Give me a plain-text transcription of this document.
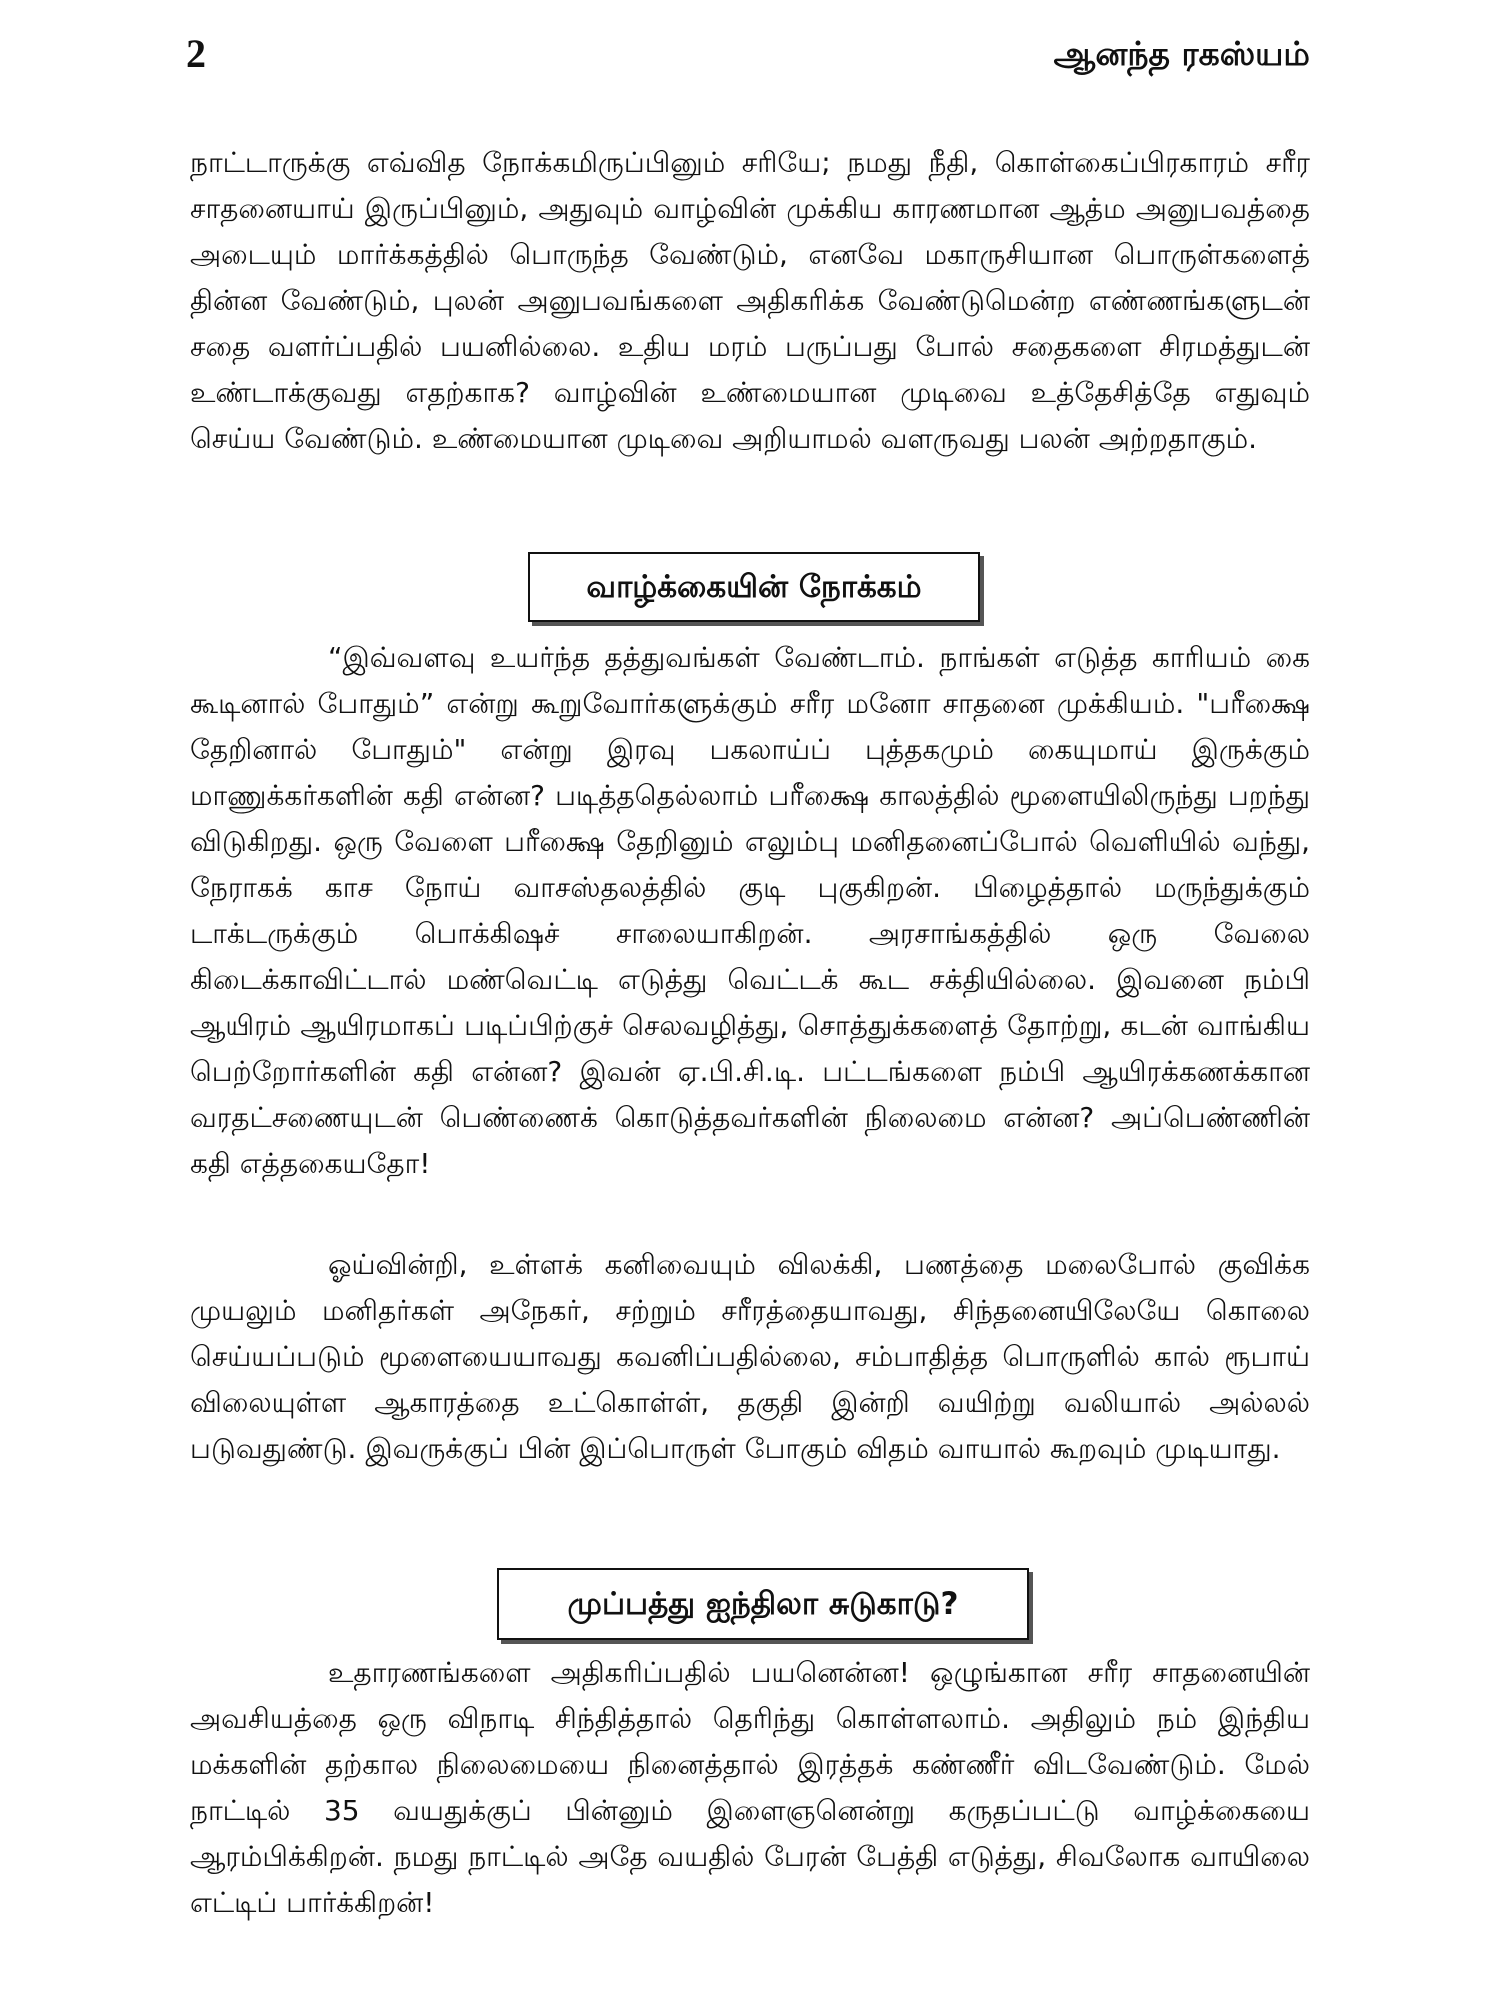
2	ஆனந்த ரகஸ்யம்

நாட்டாருக்கு எவ்வித நோக்கமிருப்பினும் சரியே; நமது நீதி, கொள்கைப்பிரகாரம் சரீர சாதனையாய் இருப்பினும், அதுவும் வாழ்வின் முக்கிய காரணமான ஆத்ம அனுபவத்தை அடையும் மார்க்கத்தில் பொருந்த வேண்டும், எனவே மகாருசியான பொருள்களைத் தின்ன வேண்டும், புலன் அனுபவங்களை அதிகரிக்க வேண்டுமென்ற எண்ணங்களுடன் சதை வளர்ப்பதில் பயனில்லை. உதிய மரம் பருப்பது போல் சதைகளை சிரமத்துடன் உண்டாக்குவது எதற்காக? வாழ்வின் உண்மையான முடிவை உத்தேசித்தே எதுவும் செய்ய வேண்டும். உண்மையான முடிவை அறியாமல் வளருவது பலன் அற்றதாகும்.

வாழ்க்கையின் நோக்கம்

“இவ்வளவு உயர்ந்த தத்துவங்கள் வேண்டாம். நாங்கள் எடுத்த காரியம் கை கூடினால் போதும்” என்று கூறுவோர்களுக்கும் சரீர மனோ சாதனை முக்கியம். "பரீக்ஷை தேறினால் போதும்" என்று இரவு பகலாய்ப் புத்தகமும் கையுமாய் இருக்கும் மாணுக்கர்களின் கதி என்ன? படித்ததெல்லாம் பரீக்ஷை காலத்தில் மூளையிலிருந்து பறந்து விடுகிறது. ஒரு வேளை பரீக்ஷை தேறினும் எலும்பு மனிதனைப்போல் வெளியில் வந்து, நேராகக் காச நோய் வாசஸ்தலத்தில் குடி புகுகிறன். பிழைத்தால் மருந்துக்கும் டாக்டருக்கும் பொக்கிஷச் சாலையாகிறன். அரசாங்கத்தில் ஒரு வேலை கிடைக்காவிட்டால் மண்வெட்டி எடுத்து வெட்டக் கூட சக்தியில்லை. இவனை நம்பி ஆயிரம் ஆயிரமாகப் படிப்பிற்குச் செலவழித்து, சொத்துக்களைத் தோற்று, கடன் வாங்கிய பெற்றோர்களின் கதி என்ன? இவன் ஏ.பி.சி.டி. பட்டங்களை நம்பி ஆயிரக்கணக்கான வரதட்சணையுடன் பெண்ணைக் கொடுத்தவர்களின் நிலைமை என்ன? அப்பெண்ணின் கதி எத்தகையதோ!

ஓய்வின்றி, உள்ளக் கனிவையும் விலக்கி, பணத்தை மலைபோல் குவிக்க முயலும் மனிதர்கள் அநேகர், சற்றும் சரீரத்தையாவது, சிந்தனையிலேயே கொலை செய்யப்படும் மூளையையாவது கவனிப்பதில்லை, சம்பாதித்த பொருளில் கால் ரூபாய் விலையுள்ள ஆகாரத்தை உட்கொள்ள், தகுதி இன்றி வயிற்று வலியால் அல்லல் படுவதுண்டு. இவருக்குப் பின் இப்பொருள் போகும் விதம் வாயால் கூறவும் முடியாது.

முப்பத்து ஐந்திலா சுடுகாடு?

உதாரணங்களை அதிகரிப்பதில் பயனென்ன! ஒழுங்கான சரீர சாதனையின் அவசியத்தை ஒரு விநாடி சிந்தித்தால் தெரிந்து கொள்ளலாம். அதிலும் நம் இந்திய மக்களின் தற்கால நிலைமையை நினைத்தால் இரத்தக் கண்ணீர் விடவேண்டும். மேல் நாட்டில் 35 வயதுக்குப் பின்னும் இளைஞனென்று கருதப்பட்டு வாழ்க்கையை ஆரம்பிக்கிறன். நமது நாட்டில் அதே வயதில் பேரன் பேத்தி எடுத்து, சிவலோக வாயிலை எட்டிப் பார்க்கிறன்!
